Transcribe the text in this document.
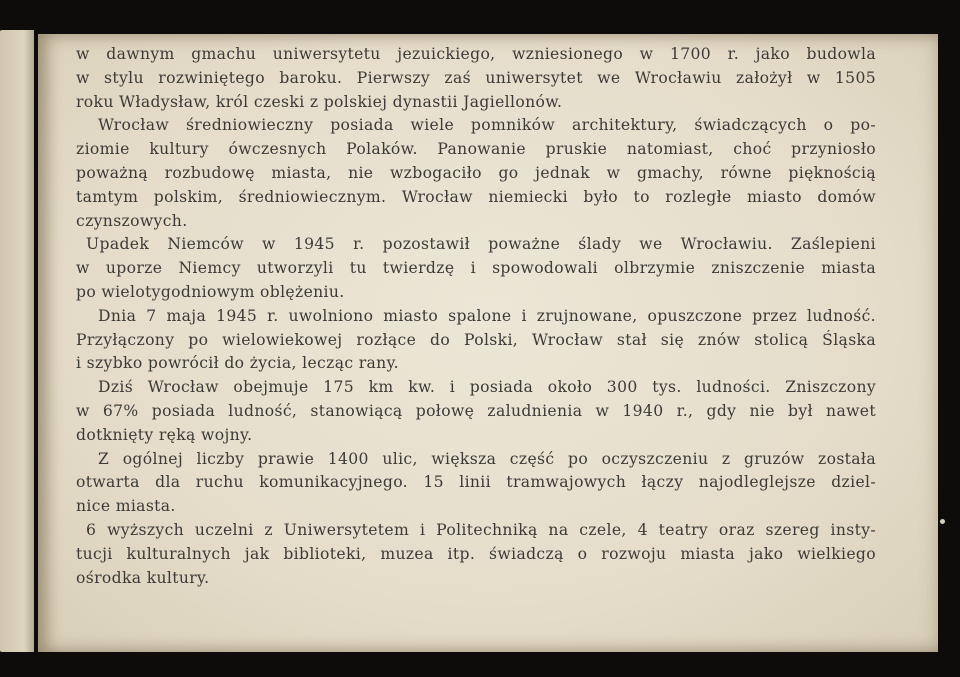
w dawnym gmachu uniwersytetu jezuickiego, wzniesionego w 1700 r. jako budowla
w stylu rozwiniętego baroku. Pierwszy zaś uniwersytet we Wrocławiu założył w 1505
roku Władysław, król czeski z polskiej dynastii Jagiellonów.
Wrocław średniowieczny posiada wiele pomników architektury, świadczących o po-
ziomie kultury ówczesnych Polaków. Panowanie pruskie natomiast, choć przyniosło
poważną rozbudowę miasta, nie wzbogaciło go jednak w gmachy, równe pięknością
tamtym polskim, średniowiecznym. Wrocław niemiecki było to rozległe miasto domów
czynszowych.
Upadek Niemców w 1945 r. pozostawił poważne ślady we Wrocławiu. Zaślepieni
w uporze Niemcy utworzyli tu twierdzę i spowodowali olbrzymie zniszczenie miasta
po wielotygodniowym oblężeniu.
Dnia 7 maja 1945 r. uwolniono miasto spalone i zrujnowane, opuszczone przez ludność.
Przyłączony po wielowiekowej rozłące do Polski, Wrocław stał się znów stolicą Śląska
i szybko powrócił do życia, lecząc rany.
Dziś Wrocław obejmuje 175 km kw. i posiada około 300 tys. ludności. Zniszczony
w 67% posiada ludność, stanowiącą połowę zaludnienia w 1940 r., gdy nie był nawet
dotknięty ręką wojny.
Z ogólnej liczby prawie 1400 ulic, większa część po oczyszczeniu z gruzów została
otwarta dla ruchu komunikacyjnego. 15 linii tramwajowych łączy najodleglejsze dziel-
nice miasta.
6 wyższych uczelni z Uniwersytetem i Politechniką na czele, 4 teatry oraz szereg insty-
tucji kulturalnych jak biblioteki, muzea itp. świadczą o rozwoju miasta jako wielkiego
ośrodka kultury.
